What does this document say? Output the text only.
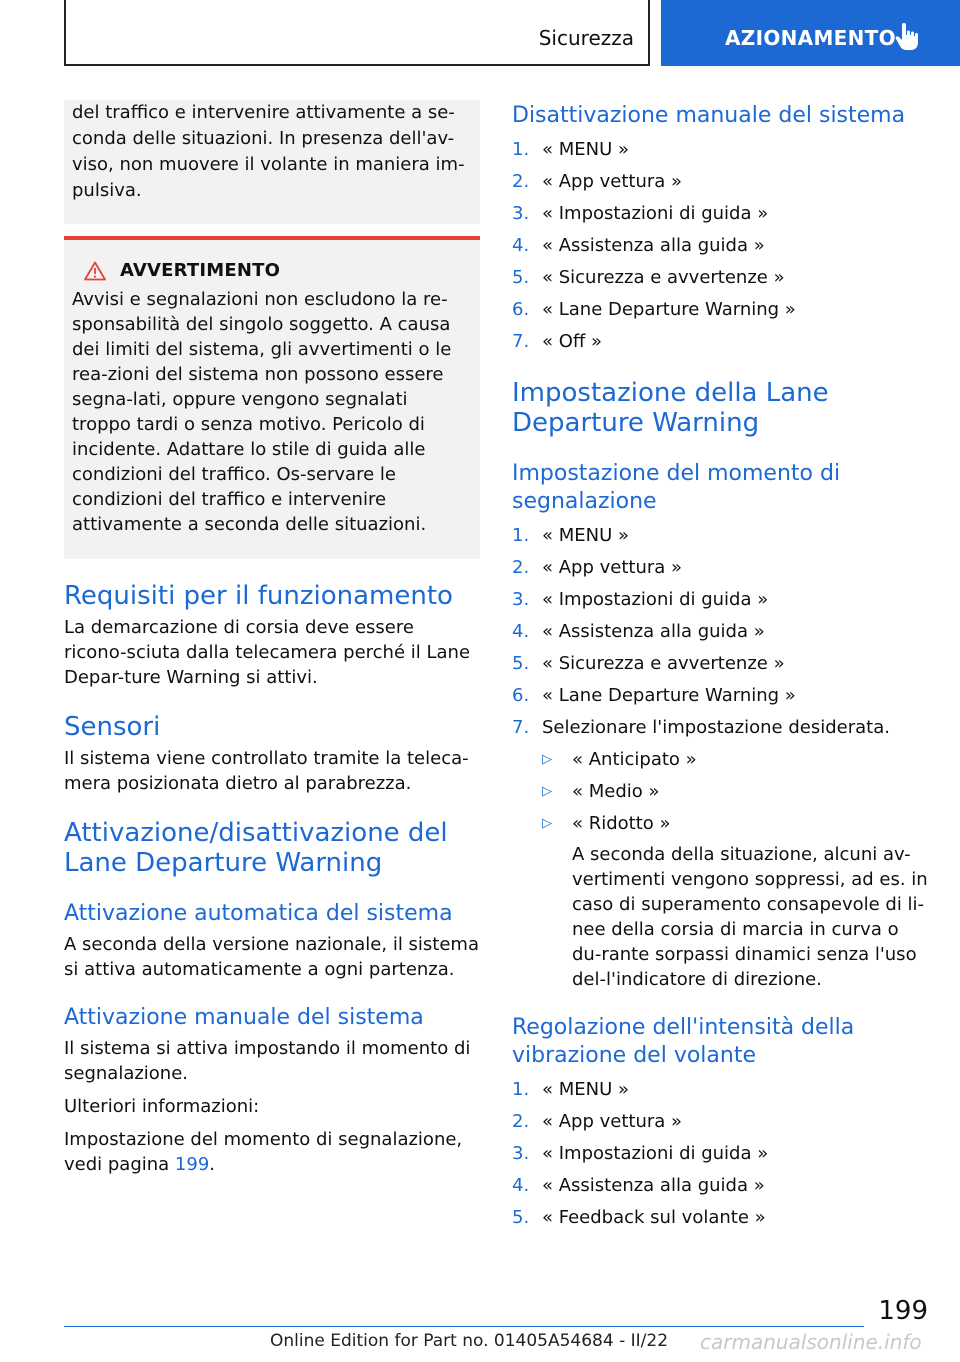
Sicurezza	AZIONAMENTO

del traffico e intervenire attivamente a se-conda delle situazioni. In presenza dell'av-viso, non muovere il volante in maniera im-pulsiva.

AVVERTIMENTO

Avvisi e segnalazioni non escludono la re-sponsabilità del singolo soggetto. A causa dei limiti del sistema, gli avvertimenti o le rea-zioni del sistema non possono essere segna-lati, oppure vengono segnalati troppo tardi o senza motivo. Pericolo di incidente. Adattare lo stile di guida alle condizioni del traffico. Os-servare le condizioni del traffico e intervenire attivamente a seconda delle situazioni.

Requisiti per il funzionamento

La demarcazione di corsia deve essere ricono-sciuta dalla telecamera perché il Lane Depar-ture Warning si attivi.

Sensori

Il sistema viene controllato tramite la teleca-mera posizionata dietro al parabrezza.

Attivazione/disattivazione del Lane Departure Warning
Attivazione automatica del sistema

A seconda della versione nazionale, il sistema si attiva automaticamente a ogni partenza.

Attivazione manuale del sistema

Il sistema si attiva impostando il momento di segnalazione.

Ulteriori informazioni:

Impostazione del momento di segnalazione, vedi pagina 199.

Disattivazione manuale del sistema
1. « MENU »
2. « App vettura »
3. « Impostazioni di guida »
4. « Assistenza alla guida »
5. « Sicurezza e avvertenze »
6. « Lane Departure Warning »
7. « Off »
Impostazione della Lane Departure Warning
Impostazione del momento di segnalazione
1. « MENU »
2. « App vettura »
3. « Impostazioni di guida »
4. « Assistenza alla guida »
5. « Sicurezza e avvertenze »
6. « Lane Departure Warning »
7. Selezionare l'impostazione desiderata.
▷	« Anticipato »
▷	« Medio »
▷	« Ridotto »

A seconda della situazione, alcuni av-vertimenti vengono soppressi, ad es. in caso di superamento consapevole di li-nee della corsia di marcia in curva o du-rante sorpassi dinamici senza l'uso del-l'indicatore di direzione.

Regolazione dell'intensità della vibrazione del volante
1. « MENU »
2. « App vettura »
3. « Impostazioni di guida »
4. « Assistenza alla guida »
5. « Feedback sul volante »
199
Online Edition for Part no. 01405A54684 - II/22 carmanualsonline.info
